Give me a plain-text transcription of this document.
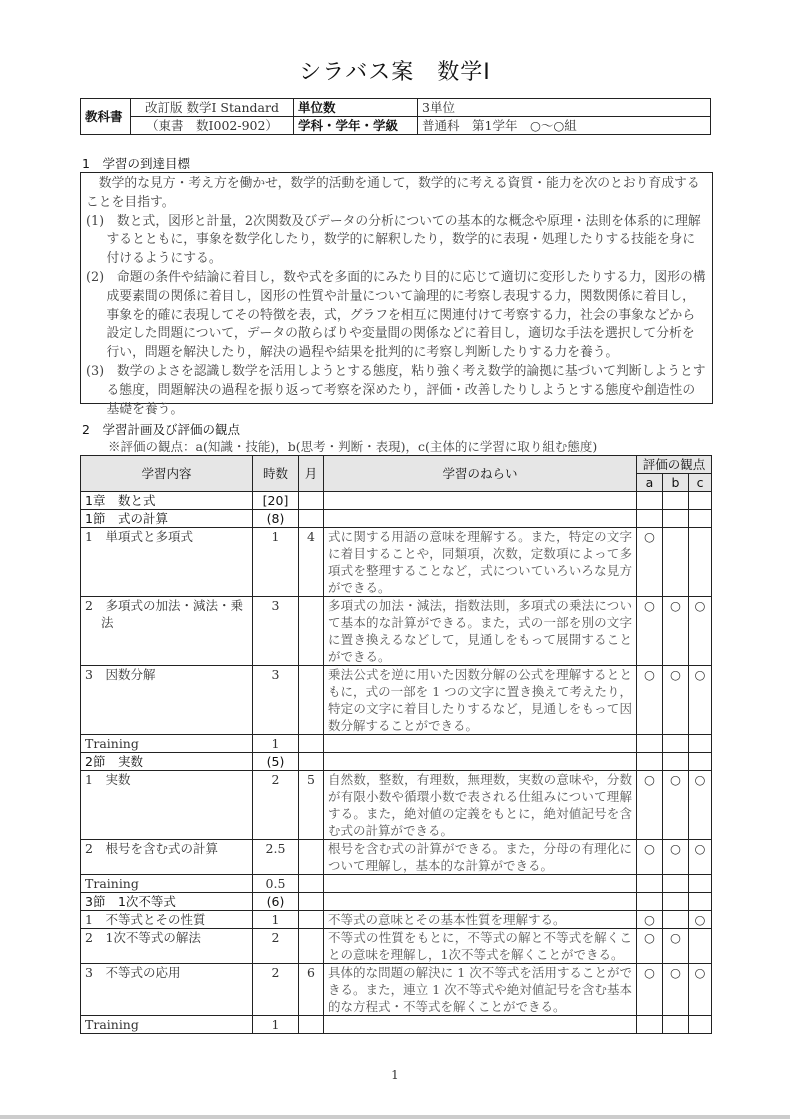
シラバス案　数学Ⅰ
教科書	改訂版 数学Ⅰ Standard	単位数	3単位
	（東書　数Ⅰ002-902）	学科・学年・学級	普通科　第1学年　○～○組
1　学習の到達目標

数学的な見方・考え方を働かせ，数学的活動を通して，数学的に考える資質・能力を次のとおり育成することを目指す。

(1)　数と式，図形と計量，2次関数及びデータの分析についての基本的な概念や原理・法則を体系的に理解するとともに，事象を数学化したり，数学的に解釈したり，数学的に表現・処理したりする技能を身に付けるようにする。

(2)　命題の条件や結論に着目し，数や式を多面的にみたり目的に応じて適切に変形したりする力，図形の構成要素間の関係に着目し，図形の性質や計量について論理的に考察し表現する力，関数関係に着目し，事象を的確に表現してその特徴を表，式，グラフを相互に関連付けて考察する力，社会の事象などから設定した問題について，データの散らばりや変量間の関係などに着目し，適切な手法を選択して分析を行い，問題を解決したり，解決の過程や結果を批判的に考察し判断したりする力を養う。

(3)　数学のよさを認識し数学を活用しようとする態度，粘り強く考え数学的論拠に基づいて判断しようとする態度，問題解決の過程を振り返って考察を深めたり，評価・改善したりしようとする態度や創造性の基礎を養う。

2　学習計画及び評価の観点
※評価の観点：a(知識・技能)，b(思考・判断・表現)，c(主体的に学習に取り組む態度)
学習内容	時数	月	学習のねらい	評価の観点		
				a	b	c
1章　数と式	[20]					
1節　式の計算	(8)					
1　単項式と多項式	1	4	式に関する用語の意味を理解する。また，特定の文字に着目することや，同類項，次数，定数項によって多項式を整理することなど，式についていろいろな見方ができる。	○		
2　多項式の加法・減法・乗法	3		多項式の加法・減法，指数法則，多項式の乗法について基本的な計算ができる。また，式の一部を別の文字に置き換えるなどして，見通しをもって展開することができる。	○	○	○
3　因数分解	3		乗法公式を逆に用いた因数分解の公式を理解するとともに，式の一部を 1 つの文字に置き換えて考えたり，特定の文字に着目したりするなど，見通しをもって因数分解することができる。	○	○	○
Training	1					
2節　実数	(5)					
1　実数	2	5	自然数，整数，有理数，無理数，実数の意味や，分数が有限小数や循環小数で表される仕組みについて理解する。また，絶対値の定義をもとに，絶対値記号を含む式の計算ができる。	○	○	○
2　根号を含む式の計算	2.5		根号を含む式の計算ができる。また，分母の有理化について理解し，基本的な計算ができる。	○	○	○
Training	0.5					
3節　1次不等式	(6)					
1　不等式とその性質	1		不等式の意味とその基本性質を理解する。	○		○
2　1次不等式の解法	2		不等式の性質をもとに，不等式の解と不等式を解くことの意味を理解し，1次不等式を解くことができる。	○	○	
3　不等式の応用	2	6	具体的な問題の解決に 1 次不等式を活用することができる。また，連立 1 次不等式や絶対値記号を含む基本的な方程式・不等式を解くことができる。	○	○	○
Training	1					
1
